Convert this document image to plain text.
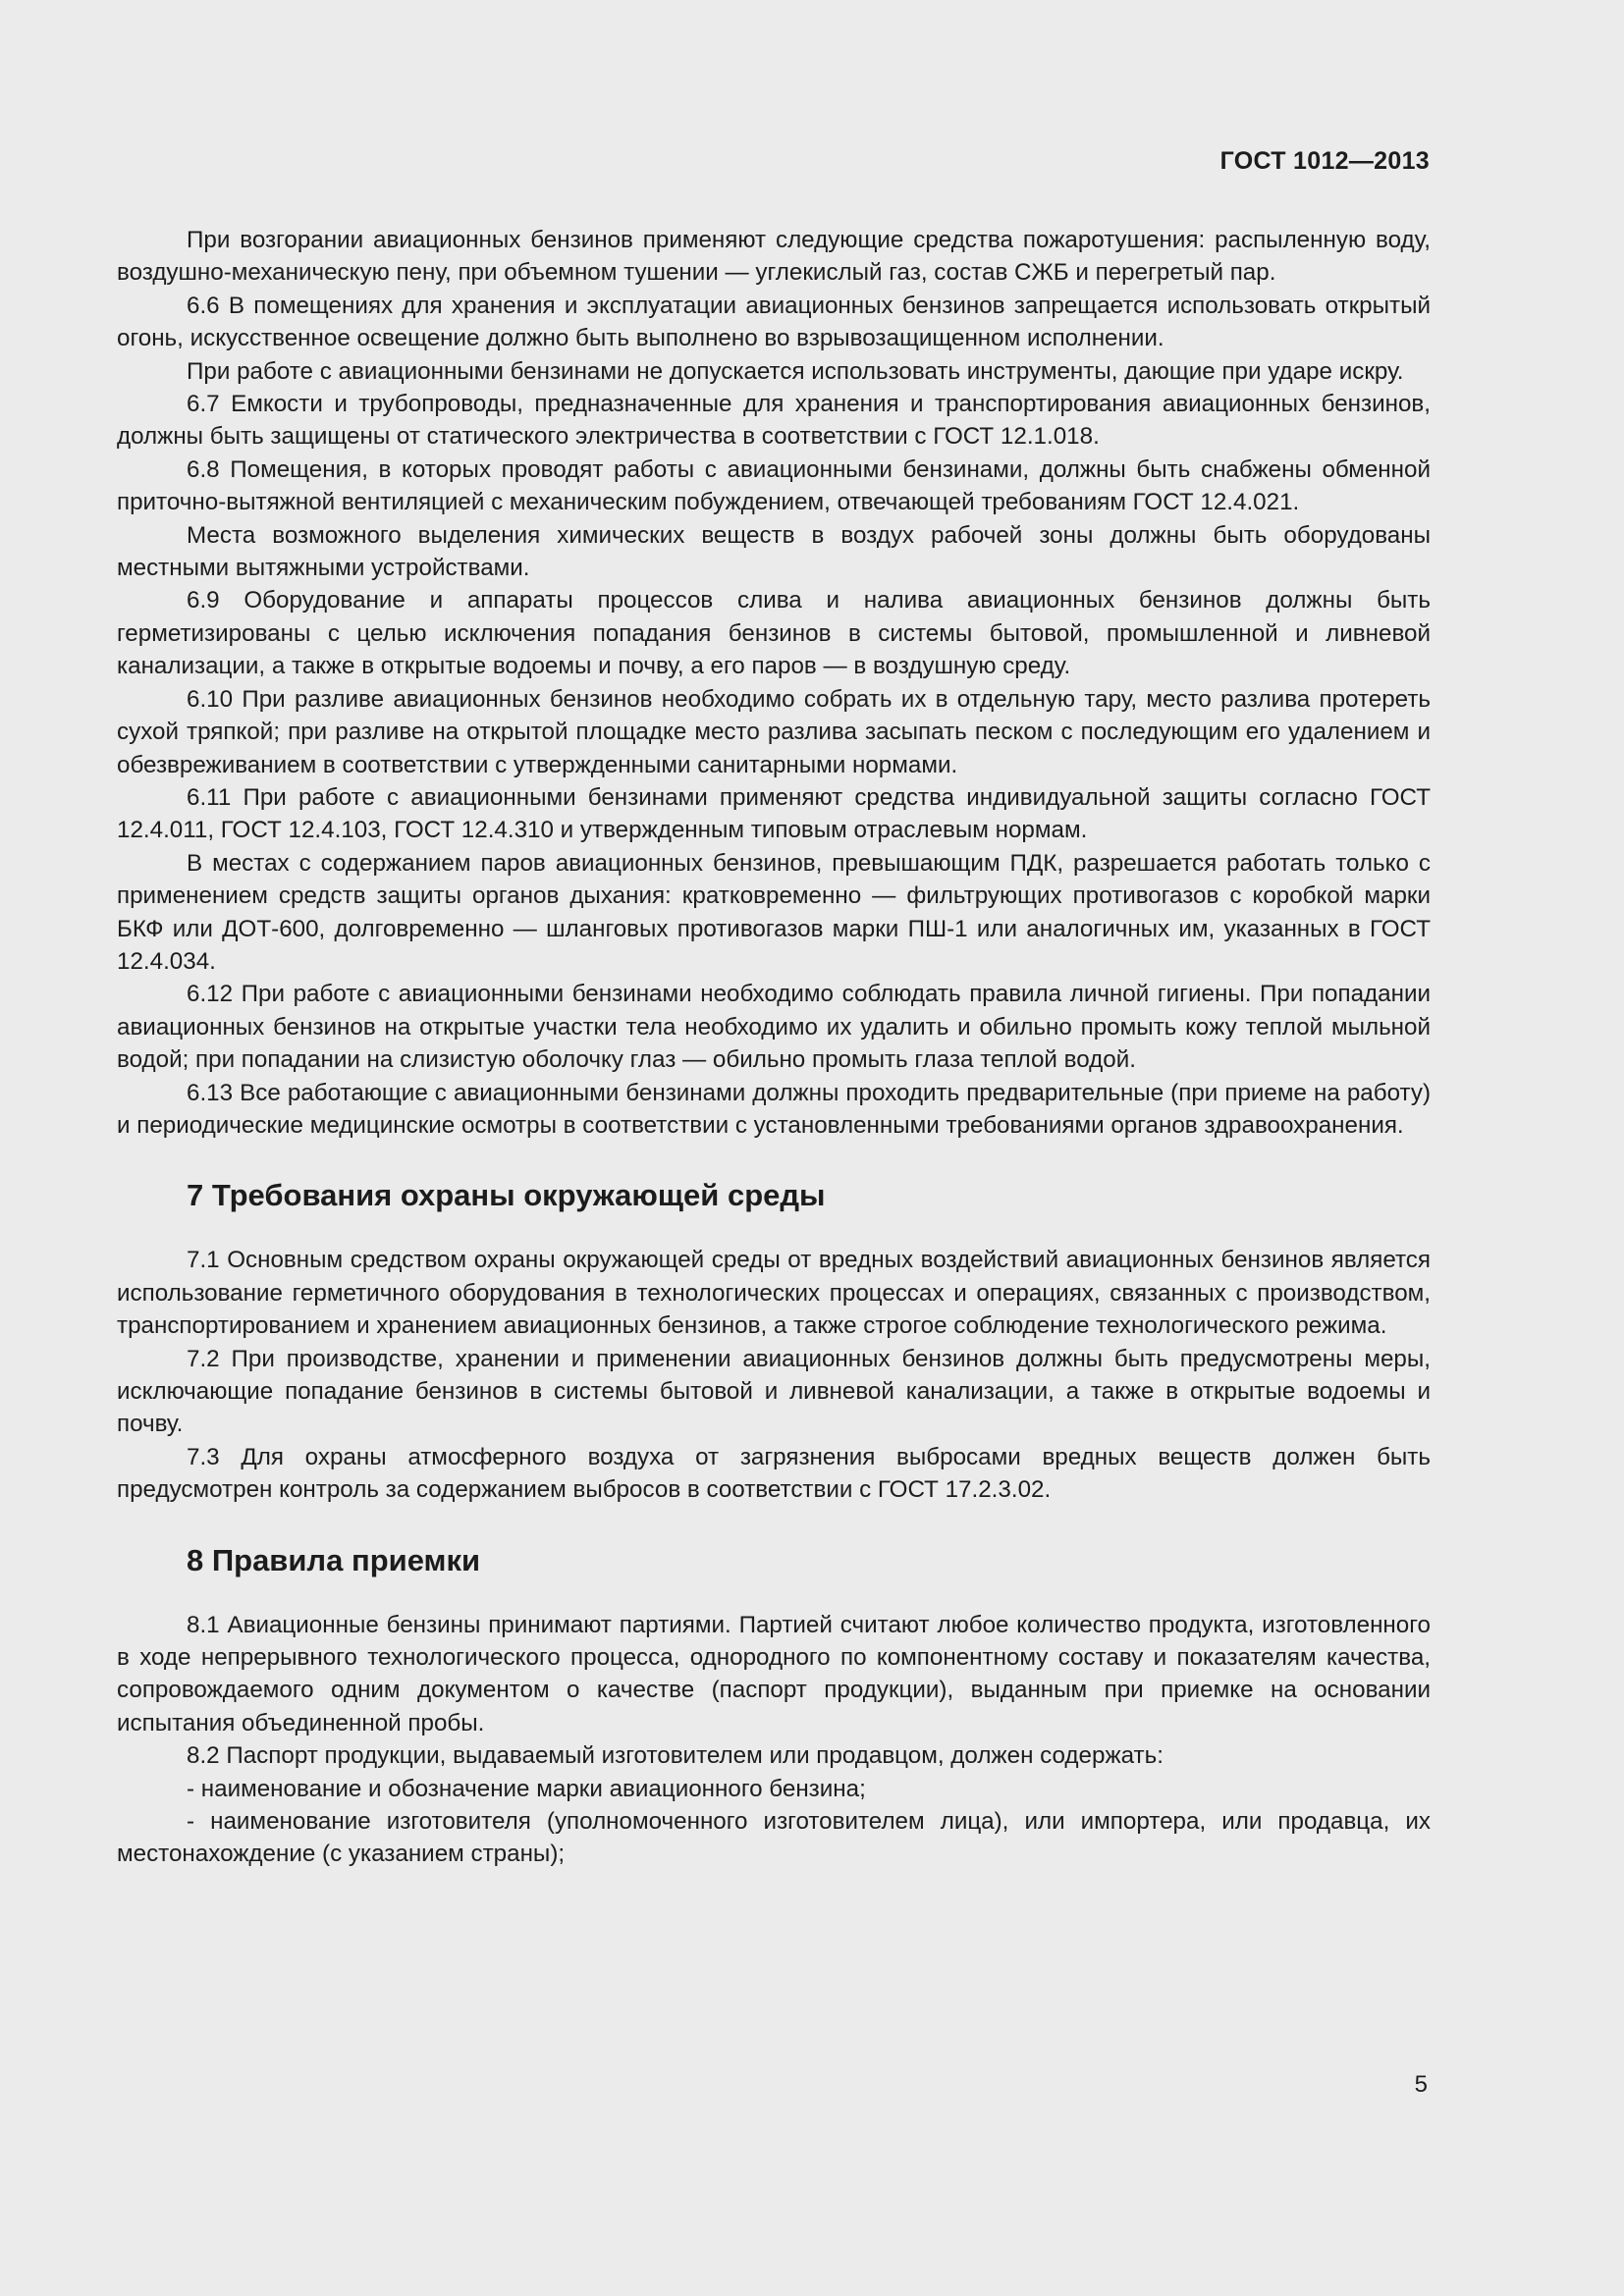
ГОСТ 1012—2013

При возгорании авиационных бензинов применяют следующие средства пожаротушения: распыленную воду, воздушно-механическую пену, при объемном тушении — углекислый газ, состав СЖБ и перегретый пар.

6.6 В помещениях для хранения и эксплуатации авиационных бензинов запрещается использовать открытый огонь, искусственное освещение должно быть выполнено во взрывозащищенном исполнении.

При работе с авиационными бензинами не допускается использовать инструменты, дающие при ударе искру.

6.7 Емкости и трубопроводы, предназначенные для хранения и транспортирования авиационных бензинов, должны быть защищены от статического электричества в соответствии с ГОСТ 12.1.018.

6.8 Помещения, в которых проводят работы с авиационными бензинами, должны быть снабжены обменной приточно-вытяжной вентиляцией с механическим побуждением, отвечающей требованиям ГОСТ 12.4.021.

Места возможного выделения химических веществ в воздух рабочей зоны должны быть оборудованы местными вытяжными устройствами.

6.9 Оборудование и аппараты процессов слива и налива авиационных бензинов должны быть герметизированы с целью исключения попадания бензинов в системы бытовой, промышленной и ливневой канализации, а также в открытые водоемы и почву, а его паров — в воздушную среду.

6.10 При разливе авиационных бензинов необходимо собрать их в отдельную тару, место разлива протереть сухой тряпкой; при разливе на открытой площадке место разлива засыпать песком с последующим его удалением и обезвреживанием в соответствии с утвержденными санитарными нормами.

6.11 При работе с авиационными бензинами применяют средства индивидуальной защиты согласно ГОСТ 12.4.011, ГОСТ 12.4.103, ГОСТ 12.4.310 и утвержденным типовым отраслевым нормам.

В местах с содержанием паров авиационных бензинов, превышающим ПДК, разрешается работать только с применением средств защиты органов дыхания: кратковременно — фильтрующих противогазов с коробкой марки БКФ или ДОТ-600, долговременно — шланговых противогазов марки ПШ-1 или аналогичных им, указанных в ГОСТ 12.4.034.

6.12 При работе с авиационными бензинами необходимо соблюдать правила личной гигиены. При попадании авиационных бензинов на открытые участки тела необходимо их удалить и обильно промыть кожу теплой мыльной водой; при попадании на слизистую оболочку глаз — обильно промыть глаза теплой водой.

6.13 Все работающие с авиационными бензинами должны проходить предварительные (при приеме на работу) и периодические медицинские осмотры в соответствии с установленными требованиями органов здравоохранения.

7 Требования охраны окружающей среды

7.1 Основным средством охраны окружающей среды от вредных воздействий авиационных бензинов является использование герметичного оборудования в технологических процессах и операциях, связанных с производством, транспортированием и хранением авиационных бензинов, а также строгое соблюдение технологического режима.

7.2 При производстве, хранении и применении авиационных бензинов должны быть предусмотрены меры, исключающие попадание бензинов в системы бытовой и ливневой канализации, а также в открытые водоемы и почву.

7.3 Для охраны атмосферного воздуха от загрязнения выбросами вредных веществ должен быть предусмотрен контроль за содержанием выбросов в соответствии с ГОСТ 17.2.3.02.

8 Правила приемки

8.1 Авиационные бензины принимают партиями. Партией считают любое количество продукта, изготовленного в ходе непрерывного технологического процесса, однородного по компонентному составу и показателям качества, сопровождаемого одним документом о качестве (паспорт продукции), выданным при приемке на основании испытания объединенной пробы.

8.2 Паспорт продукции, выдаваемый изготовителем или продавцом, должен содержать:

- наименование и обозначение марки авиационного бензина;

- наименование изготовителя (уполномоченного изготовителем лица), или импортера, или продавца, их местонахождение (с указанием страны);

5
